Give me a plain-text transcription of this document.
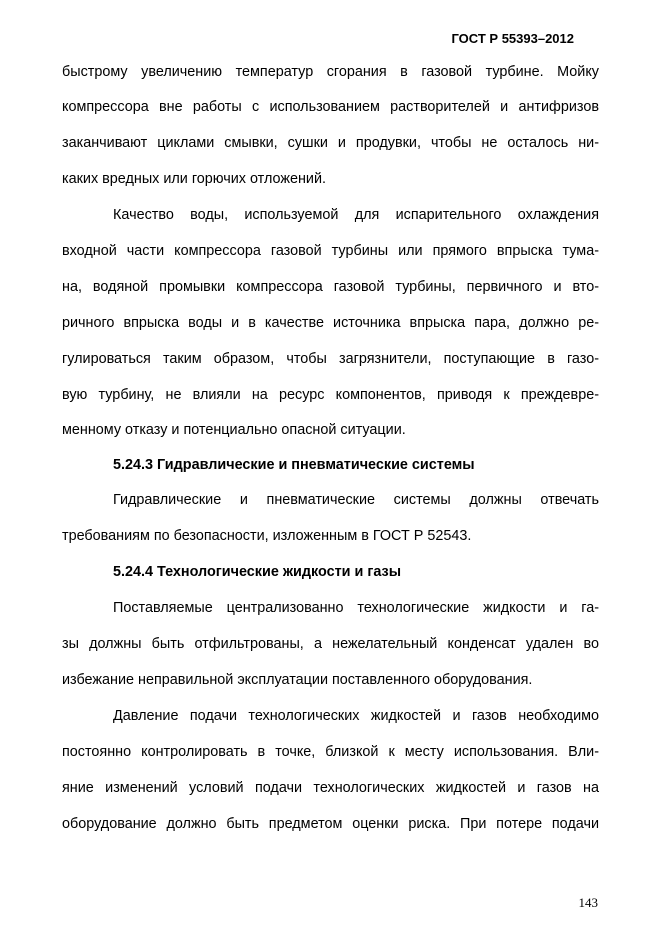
ГОСТ Р 55393–2012
быстрому увеличению температур сгорания в газовой турбине. Мойку
компрессора вне работы с использованием растворителей и антифризов
заканчивают циклами смывки, сушки и продувки, чтобы не осталось ни-
каких вредных или горючих отложений.
Качество воды, используемой для испарительного охлаждения
входной части компрессора газовой турбины или прямого впрыска тума-
на, водяной промывки компрессора газовой турбины, первичного и вто-
ричного впрыска воды и в качестве источника впрыска пара, должно ре-
гулироваться таким образом, чтобы загрязнители, поступающие в газо-
вую турбину, не влияли на ресурс компонентов, приводя к преждевре-
менному отказу и потенциально опасной ситуации.
5.24.3 Гидравлические и пневматические системы
Гидравлические и пневматические системы должны отвечать
требованиям по безопасности, изложенным в ГОСТ Р 52543.
5.24.4 Технологические жидкости и газы
Поставляемые централизованно технологические жидкости и га-
зы должны быть отфильтрованы, а нежелательный конденсат удален во
избежание неправильной эксплуатации поставленного оборудования.
Давление подачи технологических жидкостей и газов необходимо
постоянно контролировать в точке, близкой к месту использования. Вли-
яние изменений условий подачи технологических жидкостей и газов на
оборудование должно быть предметом оценки риска. При потере подачи
143
